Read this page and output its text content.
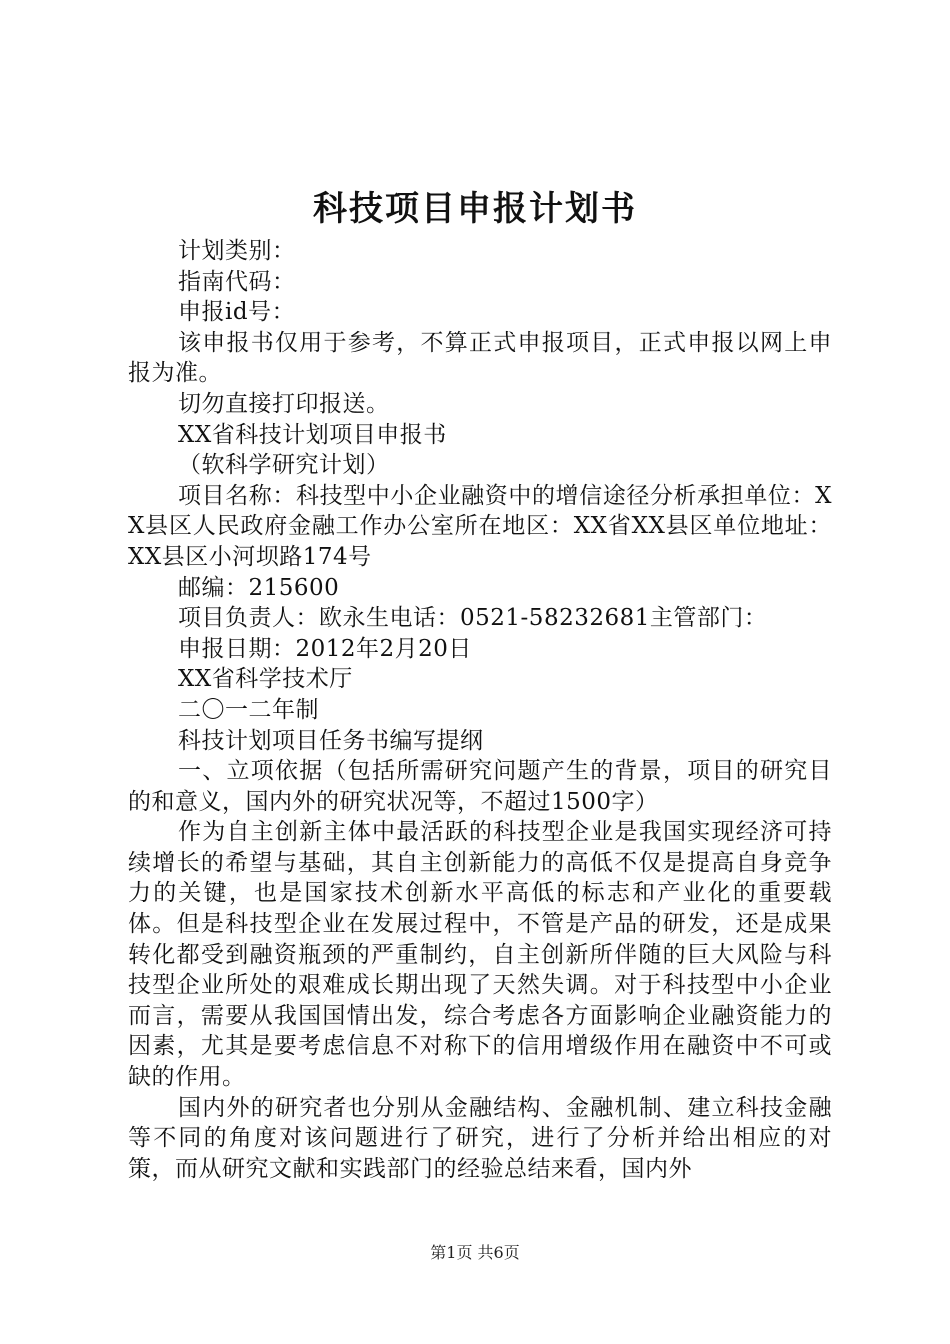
科技项目申报计划书

计划类别：

指南代码：

申报id号：

该申报书仅用于参考，不算正式申报项目，正式申报以网上申报为准。

切勿直接打印报送。

XX省科技计划项目申报书

（软科学研究计划）

项目名称：科技型中小企业融资中的增信途径分析承担单位：XX县区人民政府金融工作办公室所在地区：XX省XX县区单位地址：XX县区小河坝路174号

邮编：215600

项目负责人：欧永生电话：0521-58232681主管部门：

申报日期：2012年2月20日

XX省科学技术厅

二〇一二年制

科技计划项目任务书编写提纲

一、立项依据（包括所需研究问题产生的背景，项目的研究目的和意义，国内外的研究状况等，不超过1500字）

作为自主创新主体中最活跃的科技型企业是我国实现经济可持续增长的希望与基础，其自主创新能力的高低不仅是提高自身竞争力的关键，也是国家技术创新水平高低的标志和产业化的重要载体。但是科技型企业在发展过程中，不管是产品的研发，还是成果转化都受到融资瓶颈的严重制约，自主创新所伴随的巨大风险与科技型企业所处的艰难成长期出现了天然失调。对于科技型中小企业而言，需要从我国国情出发，综合考虑各方面影响企业融资能力的因素，尤其是要考虑信息不对称下的信用增级作用在融资中不可或缺的作用。

国内外的研究者也分别从金融结构、金融机制、建立科技金融等不同的角度对该问题进行了研究，进行了分析并给出相应的对策，而从研究文献和实践部门的经验总结来看，国内外

第1页 共6页
